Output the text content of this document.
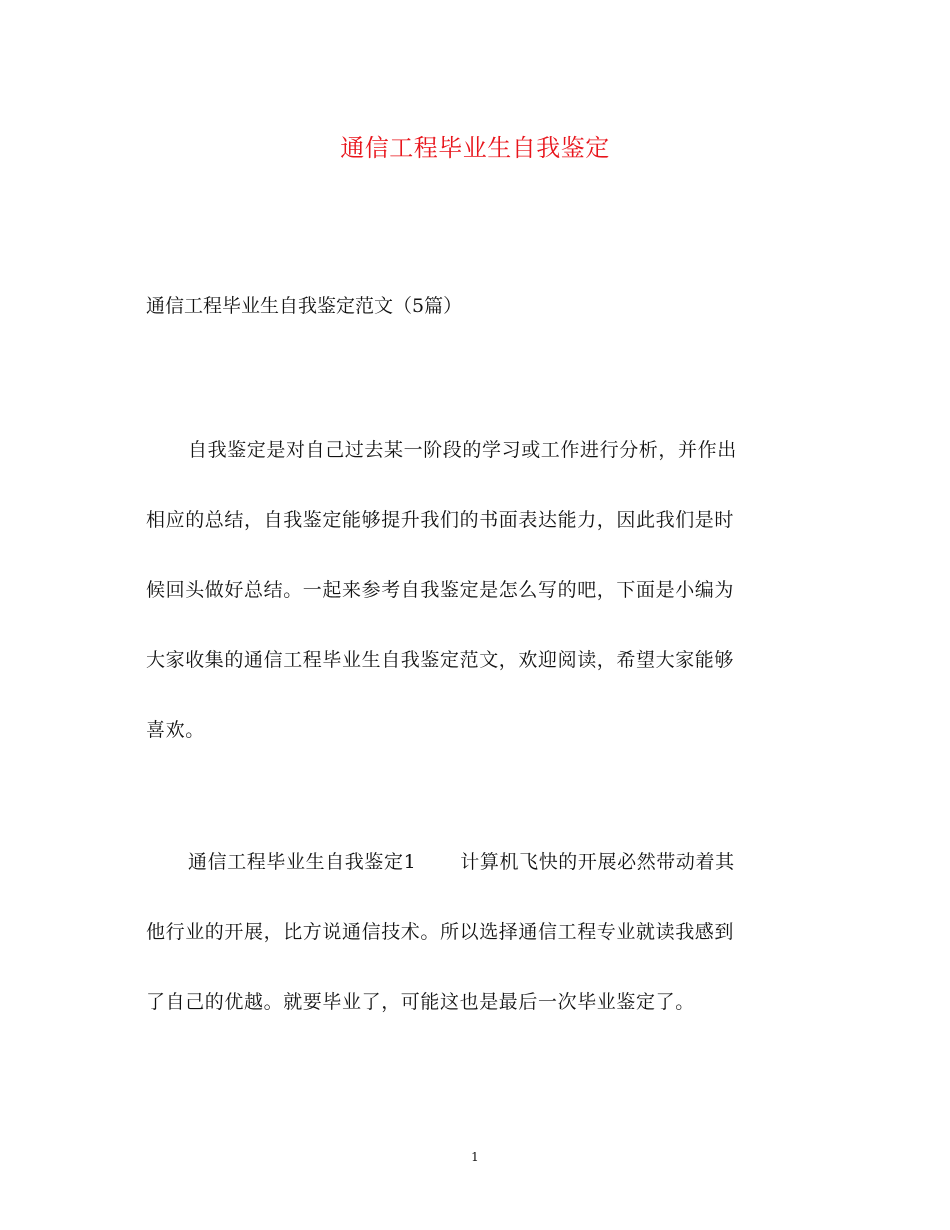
通信工程毕业生自我鉴定

通信工程毕业生自我鉴定范文（5篇）

自我鉴定是对自己过去某一阶段的学习或工作进行分析，并作出
相应的总结，自我鉴定能够提升我们的书面表达能力，因此我们是时
候回头做好总结。一起来参考自我鉴定是怎么写的吧，下面是小编为
大家收集的通信工程毕业生自我鉴定范文，欢迎阅读，希望大家能够
喜欢。

通信工程毕业生自我鉴定1 计算机飞快的开展必然带动着其
他行业的开展，比方说通信技术。所以选择通信工程专业就读我感到
了自己的优越。就要毕业了，可能这也是最后一次毕业鉴定了。

1
